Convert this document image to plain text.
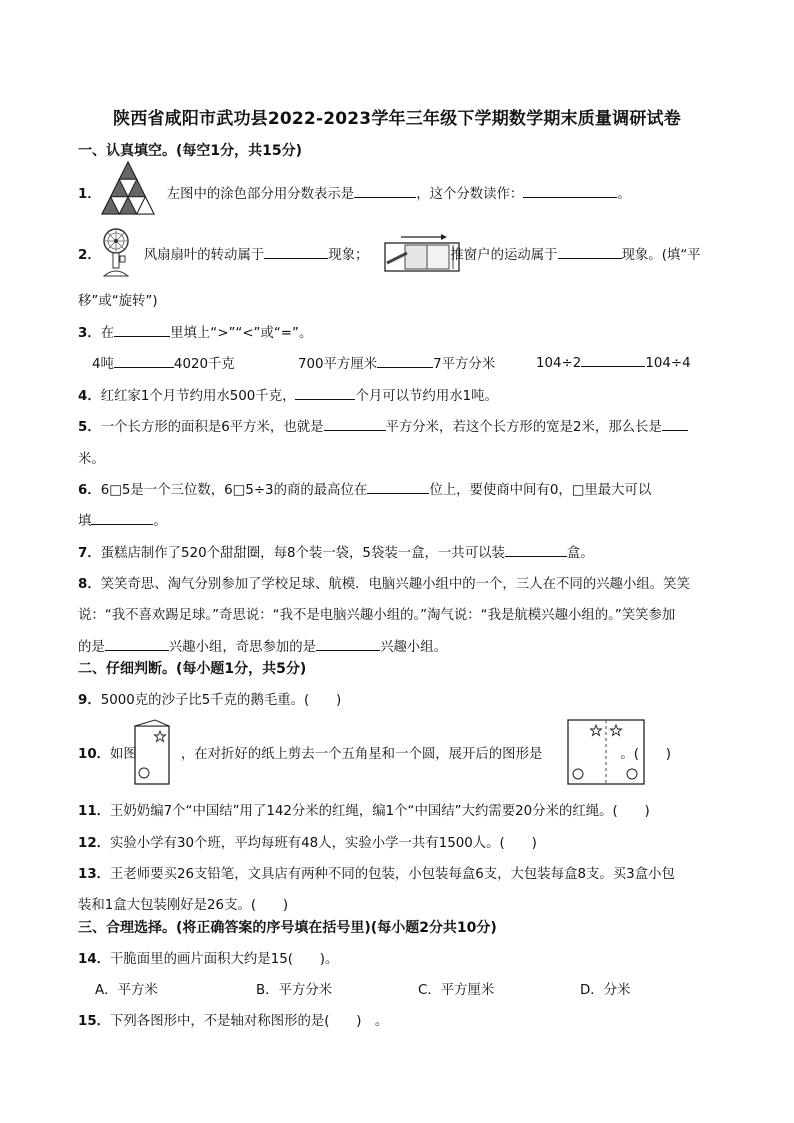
陕西省咸阳市武功县2022-2023学年三年级下学期数学期末质量调研试卷
一、认真填空。(每空1分，共15分)
1．	左图中的涂色部分用分数表示是	，这个分数读作：	。
2．	风扇扇叶的转动属于	现象；	推窗户的运动属于	现象。(填“平
移”或“旋转”)
3．在	里填上“>”“<”或“=”。
4吨	4020千克	700平方厘米	7平方分米	104÷2	104÷4
4．红红家1个月节约用水500千克，	个月可以节约用水1吨。
5．一个长方形的面积是6平方米，也就是	平方分米，若这个长方形的宽是2米，那么长是
米。
6．6□5是一个三位数，6□5÷3的商的最高位在	位上，要使商中间有0，□里最大可以
填	。
7．蛋糕店制作了520个甜甜圈，每8个装一袋，5袋装一盒，一共可以装	盒。
8．笑笑奇思、淘气分别参加了学校足球、航模．电脑兴趣小组中的一个，三人在不同的兴趣小组。笑笑
说：“我不喜欢踢足球。”奇思说：“我不是电脑兴趣小组的。”淘气说：“我是航模兴趣小组的。”笑笑参加
的是	兴趣小组，奇思参加的是	兴趣小组。
二、仔细判断。(每小题1分，共5分)
9．5000克的沙子比5千克的鹅毛重。(　　)
10．如图	，在对折好的纸上剪去一个五角星和一个圆，展开后的图形是	。(　　)
11．王奶奶编7个“中国结”用了142分米的红绳，编1个“中国结”大约需要20分米的红绳。(　　)
12．实验小学有30个班，平均每班有48人，实验小学一共有1500人。(　　)
13．王老师要买26支铅笔，文具店有两种不同的包装，小包装每盒6支，大包装每盒8支。买3盒小包
装和1盒大包装刚好是26支。(　　)
三、合理选择。(将正确答案的序号填在括号里)(每小题2分共10分)
14．干脆面里的画片面积大约是15(　　)。
A．平方米	B．平方分米	C．平方厘米	D．分米
15．下列各图形中，不是轴对称图形的是(　　)　。
